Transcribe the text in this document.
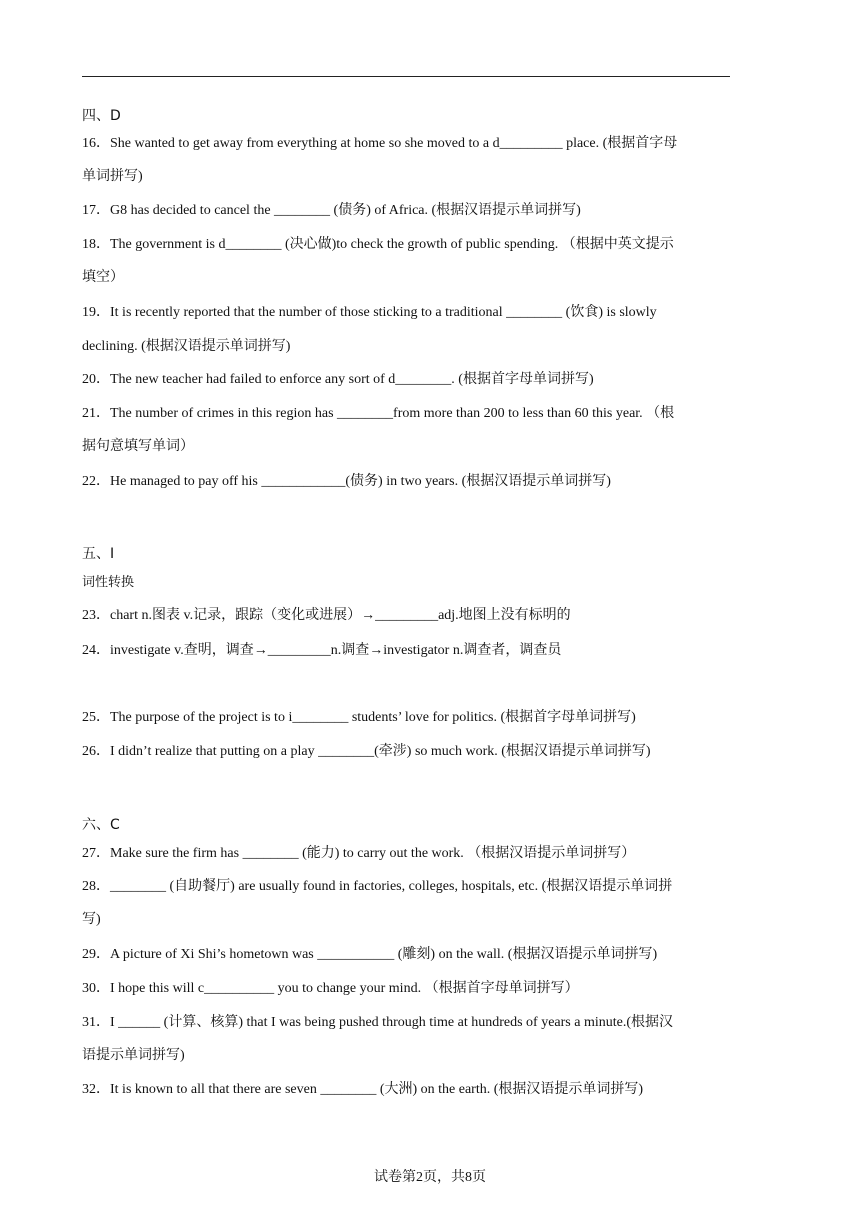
四、D
16．She wanted to get away from everything at home so she moved to a d_________ place. (根据首字母
单词拼写)
17．G8 has decided to cancel the ________ (债务) of Africa. (根据汉语提示单词拼写)
18．The government is d________ (决心做)to check the growth of public spending. （根据中英文提示
填空）
19．It is recently reported that the number of those sticking to a traditional ________ (饮食) is slowly
declining. (根据汉语提示单词拼写)
20．The new teacher had failed to enforce any sort of d________. (根据首字母单词拼写)
21．The number of crimes in this region has ________from more than 200 to less than 60 this year. （根
据句意填写单词）
22．He managed to pay off his ____________(债务) in two years. (根据汉语提示单词拼写)
五、I
词性转换
23．chart n.图表 v.记录，跟踪（变化或进展）→_________adj.地图上没有标明的
24．investigate v.查明，调查→_________n.调查→investigator n.调查者，调查员
25．The purpose of the project is to i________ students’ love for politics. (根据首字母单词拼写)
26．I didn’t realize that putting on a play ________(牵涉) so much work. (根据汉语提示单词拼写)
六、C
27．Make sure the firm has ________ (能力) to carry out the work. （根据汉语提示单词拼写）
28．________ (自助餐厅) are usually found in factories, colleges, hospitals, etc. (根据汉语提示单词拼
写)
29．A picture of Xi Shi’s hometown was ___________ (雕刻) on the wall. (根据汉语提示单词拼写)
30．I hope this will c__________ you to change your mind. （根据首字母单词拼写）
31．I ______ (计算、核算) that I was being pushed through time at hundreds of years a minute.(根据汉
语提示单词拼写)
32．It is known to all that there are seven ________ (大洲) on the earth. (根据汉语提示单词拼写)
试卷第2页，共8页
